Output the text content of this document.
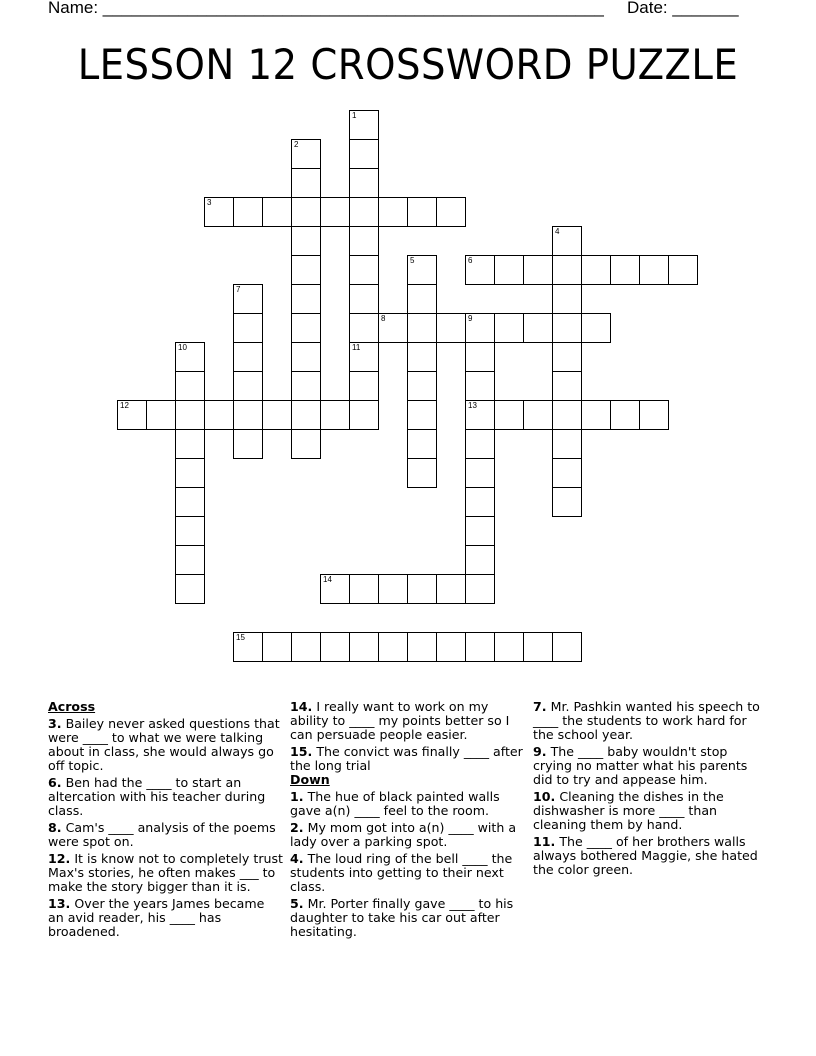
Name: _____________________________________________________ Date: _______
LESSON 12 CROSSWORD PUZZLE
1
2
3
4
5	6
7
8	9
13
10	11
12
14
15
Across
3. Bailey never asked questions that were ____ to what we were talking about in class, she would always go off topic.
6. Ben had the ____ to start an altercation with his teacher during class.
8. Cam's ____ analysis of the poems were spot on.
12. It is know not to completely trust Max's stories, he often makes ___ to make the story bigger than it is.
13. Over the years James became an avid reader, his ____ has broadened.
14. I really want to work on my ability to ____ my points better so I can persuade people easier.
15. The convict was finally ____ after the long trial
Down
1. The hue of black painted walls gave a(n) ____ feel to the room.
2. My mom got into a(n) ____ with a lady over a parking spot.
4. The loud ring of the bell ____ the students into getting to their next class.
5. Mr. Porter finally gave ____ to his daughter to take his car out after hesitating.
7. Mr. Pashkin wanted his speech to ____ the students to work hard for the school year.
9. The ____ baby wouldn't stop crying no matter what his parents did to try and appease him.
10. Cleaning the dishes in the dishwasher is more ____ than cleaning them by hand.
11. The ____ of her brothers walls always bothered Maggie, she hated the color green.
